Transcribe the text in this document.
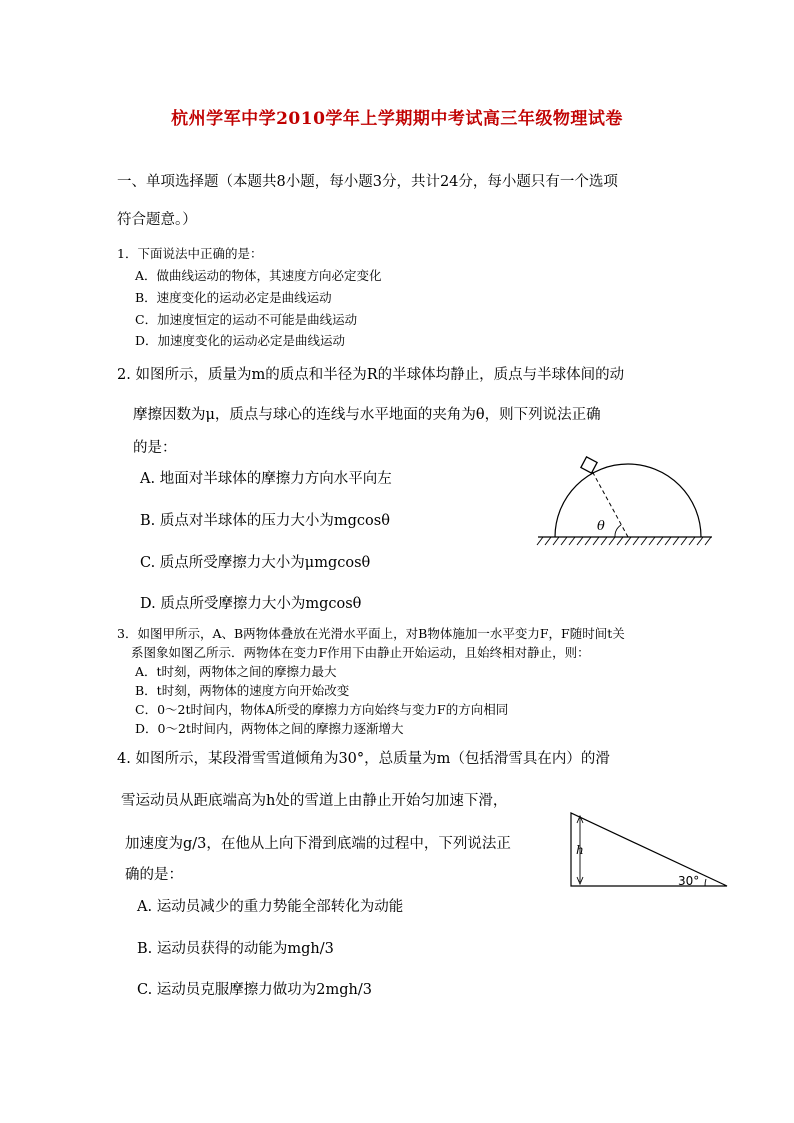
杭州学军中学2010学年上学期期中考试高三年级物理试卷
一、单项选择题（本题共8小题，每小题3分，共计24分，每小题只有一个选项
符合题意。）
1．下面说法中正确的是：
A．做曲线运动的物体，其速度方向必定变化
B．速度变化的运动必定是曲线运动
C．加速度恒定的运动不可能是曲线运动
D．加速度变化的运动必定是曲线运动
2. 如图所示，质量为m的质点和半径为R的半球体均静止，质点与半球体间的动
摩擦因数为μ，质点与球心的连线与水平地面的夹角为θ，则下列说法正确
的是：
A. 地面对半球体的摩擦力方向水平向左
B. 质点对半球体的压力大小为mgcosθ
C. 质点所受摩擦力大小为μmgcosθ
D. 质点所受摩擦力大小为mgcosθ
θ
3．如图甲所示，A、B两物体叠放在光滑水平面上，对B物体施加一水平变力F，F随时间t关
系图象如图乙所示．两物体在变力F作用下由静止开始运动，且始终相对静止，则：
A．t时刻，两物体之间的摩擦力最大
B．t时刻，两物体的速度方向开始改变
C．0～2t时间内，物体A所受的摩擦力方向始终与变力F的方向相同
D．0～2t时间内，两物体之间的摩擦力逐渐增大
4. 如图所示，某段滑雪雪道倾角为30°，总质量为m（包括滑雪具在内）的滑
雪运动员从距底端高为h处的雪道上由静止开始匀加速下滑，
加速度为g/3，在他从上向下滑到底端的过程中，下列说法正
确的是：
A. 运动员减少的重力势能全部转化为动能
B. 运动员获得的动能为mgh/3
C. 运动员克服摩擦力做功为2mgh/3
h
30°
